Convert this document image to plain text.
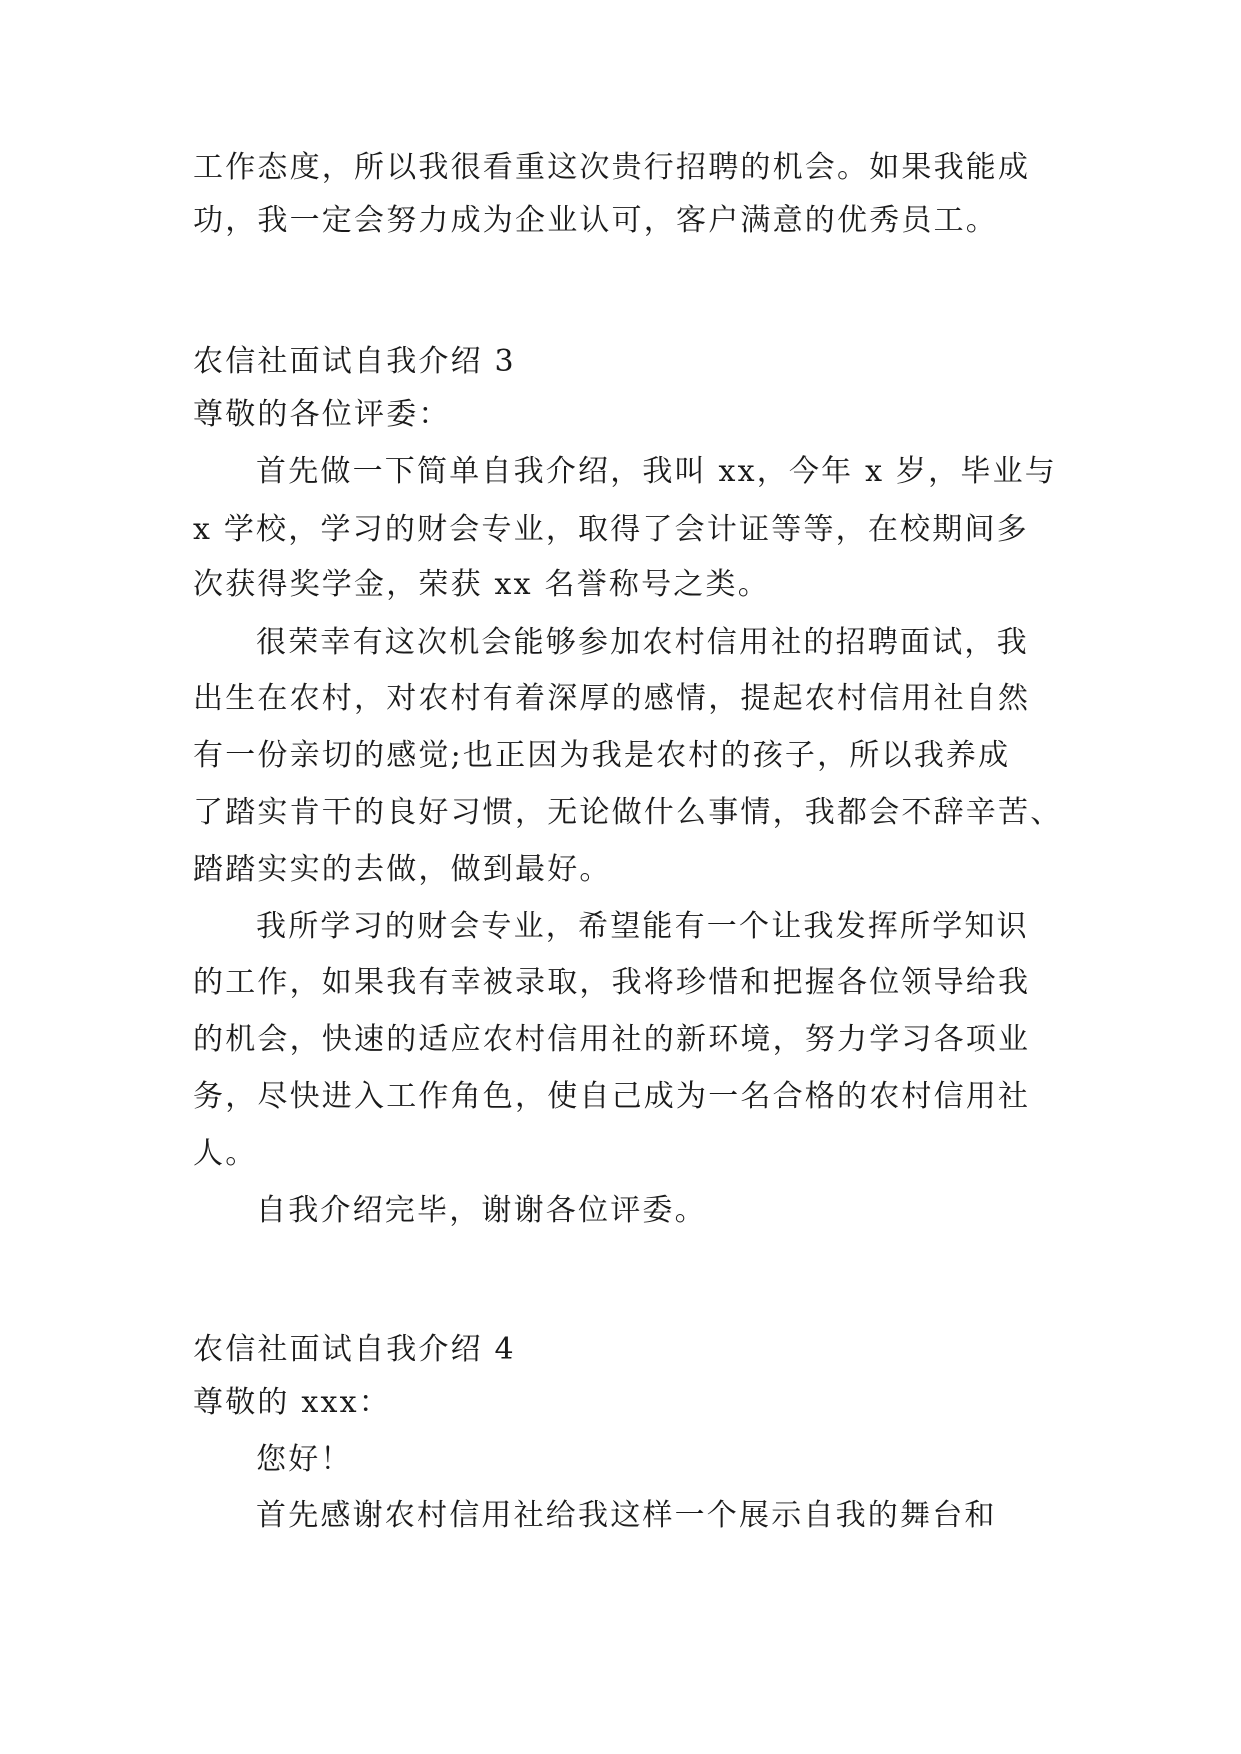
工作态度，所以我很看重这次贵行招聘的机会。如果我能成
功，我一定会努力成为企业认可，客户满意的优秀员工。
农信社面试自我介绍 3
尊敬的各位评委：
首先做一下简单自我介绍，我叫 xx，今年 x 岁，毕业与
x 学校，学习的财会专业，取得了会计证等等，在校期间多
次获得奖学金，荣获 xx 名誉称号之类。
很荣幸有这次机会能够参加农村信用社的招聘面试，我
出生在农村，对农村有着深厚的感情，提起农村信用社自然
有一份亲切的感觉;也正因为我是农村的孩子，所以我养成
了踏实肯干的良好习惯，无论做什么事情，我都会不辞辛苦、
踏踏实实的去做，做到最好。
我所学习的财会专业，希望能有一个让我发挥所学知识
的工作，如果我有幸被录取，我将珍惜和把握各位领导给我
的机会，快速的适应农村信用社的新环境，努力学习各项业
务，尽快进入工作角色，使自己成为一名合格的农村信用社
人。
自我介绍完毕，谢谢各位评委。
农信社面试自我介绍 4
尊敬的 xxx：
您好！
首先感谢农村信用社给我这样一个展示自我的舞台和
